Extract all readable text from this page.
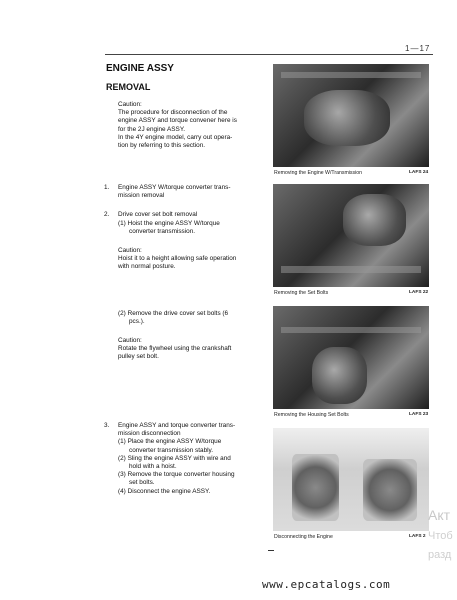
1—17
ENGINE ASSY
REMOVAL
Caution:
The procedure for disconnection of the
engine ASSY and torque convener here is
for the 2J engine ASSY.
In the 4Y engine model, carry out opera-
tion by referring to this section.
1. Engine ASSY W/torque converter trans-
mission removal
2. Drive cover set bolt removal
(1) Hoist the engine ASSY W/torque
converter transmission.
Caution:
Hoist it to a height allowing safe operation
with normal posture.
(2) Remove the drive cover set bolts (6
pcs.).
Caution:
Rotate the flywheel using the crankshaft
pulley set bolt.
3. Engine ASSY and torque converter trans-
mission disconnection
(1) Place the engine ASSY W/torque
converter transmission stably.
(2) Sling the engine ASSY with wire and
hold with a hoist.
(3) Remove the torque converter housing
set bolts.
(4) Disconnect the engine ASSY.
Removing the Engine W/Transmission	LAFS 24
Removing the Set Bolts	LAFS 22
Removing the Housing Set Bolts	LAFS 23
Disconnecting the Engine	LAFS 2
Акт
Чтоб
разд
www.epcatalogs.com
